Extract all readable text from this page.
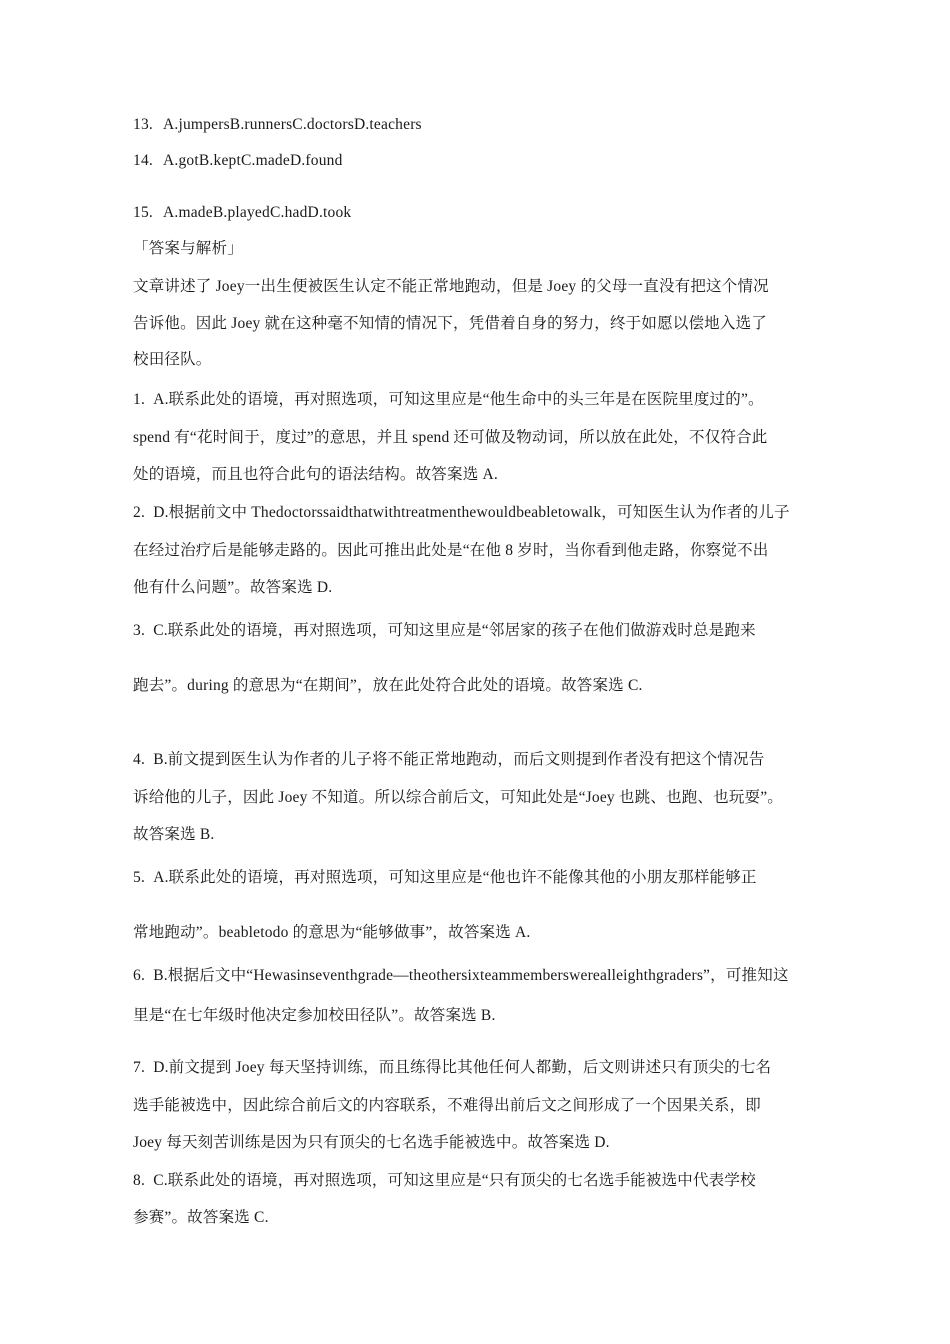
13. A.jumpersB.runnersC.doctorsD.teachers
14. A.gotB.keptC.madeD.found
15. A.madeB.playedC.hadD.took
「答案与解析」
文章讲述了 Joey一出生便被医生认定不能正常地跑动，但是 Joey 的父母一直没有把这个情况
告诉他。因此 Joey 就在这种毫不知情的情况下，凭借着自身的努力，终于如愿以偿地入选了
校田径队。
1. A.联系此处的语境，再对照选项，可知这里应是“他生命中的头三年是在医院里度过的”。
spend 有“花时间于，度过”的意思，并且 spend 还可做及物动词，所以放在此处，不仅符合此
处的语境，而且也符合此句的语法结构。故答案选 A.
2. D.根据前文中 Thedoctorssaidthatwithtreatmenthewouldbeabletowalk，可知医生认为作者的儿子
在经过治疗后是能够走路的。因此可推出此处是“在他 8 岁时，当你看到他走路，你察觉不出
他有什么问题”。故答案选 D.
3. C.联系此处的语境，再对照选项，可知这里应是“邻居家的孩子在他们做游戏时总是跑来
跑去”。during 的意思为“在期间”，放在此处符合此处的语境。故答案选 C.
4. B.前文提到医生认为作者的儿子将不能正常地跑动，而后文则提到作者没有把这个情况告
诉给他的儿子，因此 Joey 不知道。所以综合前后文，可知此处是“Joey 也跳、也跑、也玩耍”。
故答案选 B.
5. A.联系此处的语境，再对照选项，可知这里应是“他也许不能像其他的小朋友那样能够正
常地跑动”。beabletodo 的意思为“能够做事”，故答案选 A.
6. B.根据后文中“Hewasinseventhgrade—theothersixteammemberswerealleighthgraders”，可推知这
里是“在七年级时他决定参加校田径队”。故答案选 B.
7. D.前文提到 Joey 每天坚持训练，而且练得比其他任何人都勤，后文则讲述只有顶尖的七名
选手能被选中，因此综合前后文的内容联系，不难得出前后文之间形成了一个因果关系，即
Joey 每天刻苦训练是因为只有顶尖的七名选手能被选中。故答案选 D.
8. C.联系此处的语境，再对照选项，可知这里应是“只有顶尖的七名选手能被选中代表学校
参赛”。故答案选 C.
